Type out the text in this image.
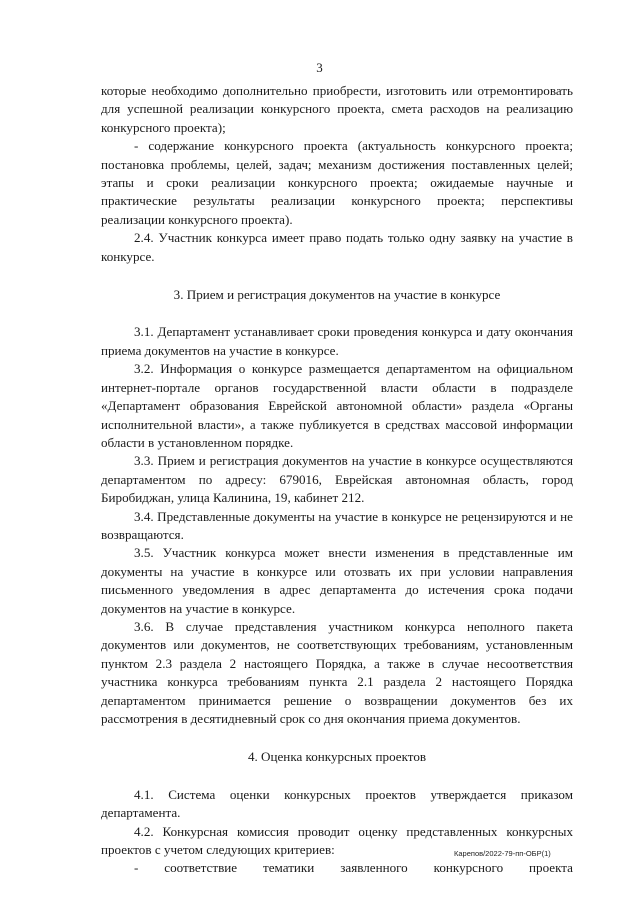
3

которые необходимо дополнительно приобрести, изготовить или отремонтировать для успешной реализации конкурсного проекта, смета расходов на реализацию конкурсного проекта);

- содержание конкурсного проекта (актуальность конкурсного проекта; постановка проблемы, целей, задач; механизм достижения поставленных целей; этапы и сроки реализации конкурсного проекта; ожидаемые научные и практические результаты реализации конкурсного проекта; перспективы реализации конкурсного проекта).

2.4. Участник конкурса имеет право подать только одну заявку на участие в конкурсе.

3. Прием и регистрация документов на участие в конкурсе

3.1. Департамент устанавливает сроки проведения конкурса и дату окончания приема документов на участие в конкурсе.

3.2. Информация о конкурсе размещается департаментом на официальном интернет-портале органов государственной власти области в подразделе «Департамент образования Еврейской автономной области» раздела «Органы исполнительной власти», а также публикуется в средствах массовой информации области в установленном порядке.

3.3. Прием и регистрация документов на участие в конкурсе осуществляются департаментом по адресу: 679016, Еврейская автономная область, город Биробиджан, улица Калинина, 19, кабинет 212.

3.4. Представленные документы на участие в конкурсе не рецензируются и не возвращаются.

3.5. Участник конкурса может внести изменения в представленные им документы на участие в конкурсе или отозвать их при условии направления письменного уведомления в адрес департамента до истечения срока подачи документов на участие в конкурсе.

3.6. В случае представления участником конкурса неполного пакета документов или документов, не соответствующих требованиям, установленным пунктом 2.3 раздела 2 настоящего Порядка, а также в случае несоответствия участника конкурса требованиям пункта 2.1 раздела 2 настоящего Порядка департаментом принимается решение о возвращении документов без их рассмотрения в десятидневный срок со дня окончания приема документов.

4. Оценка конкурсных проектов

4.1. Система оценки конкурсных проектов утверждается приказом департамента.

4.2. Конкурсная комиссия проводит оценку представленных конкурсных проектов с учетом следующих критериев:

- соответствие тематики заявленного конкурсного проекта

Карепов/2022-79-пп-ОБР(1)
